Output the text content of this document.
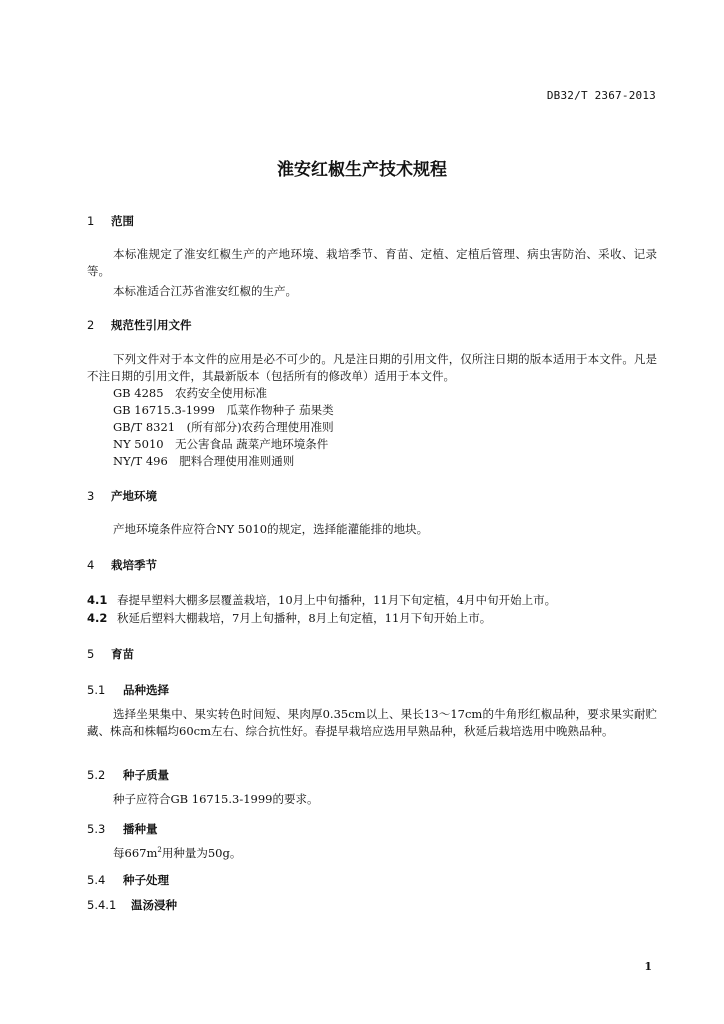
DB32/T 2367-2013
淮安红椒生产技术规程
1 范围
本标准规定了淮安红椒生产的产地环境、栽培季节、育苗、定植、定植后管理、病虫害防治、采收、记录等。
本标准适合江苏省淮安红椒的生产。
2 规范性引用文件
下列文件对于本文件的应用是必不可少的。凡是注日期的引用文件，仅所注日期的版本适用于本文件。凡是不注日期的引用文件，其最新版本（包括所有的修改单）适用于本文件。
GB 4285　农药安全使用标准
GB 16715.3-1999　瓜菜作物种子 茄果类
GB/T 8321　(所有部分)农药合理使用准则
NY 5010　无公害食品 蔬菜产地环境条件
NY/T 496　肥料合理使用准则通则
3 产地环境
产地环境条件应符合NY 5010的规定，选择能灌能排的地块。
4 栽培季节
4.1 春提早塑料大棚多层覆盖栽培，10月上中旬播种，11月下旬定植，4月中旬开始上市。
4.2 秋延后塑料大棚栽培，7月上旬播种，8月上旬定植，11月下旬开始上市。
5 育苗
5.1 品种选择
选择坐果集中、果实转色时间短、果肉厚0.35cm以上、果长13～17cm的牛角形红椒品种，要求果实耐贮藏、株高和株幅均60cm左右、综合抗性好。春提早栽培应选用早熟品种，秋延后栽培选用中晚熟品种。
5.2 种子质量
种子应符合GB 16715.3-1999的要求。
5.3 播种量
每$667m^2$用种量为50g。
5.4 种子处理
5.4.1 温汤浸种
1
